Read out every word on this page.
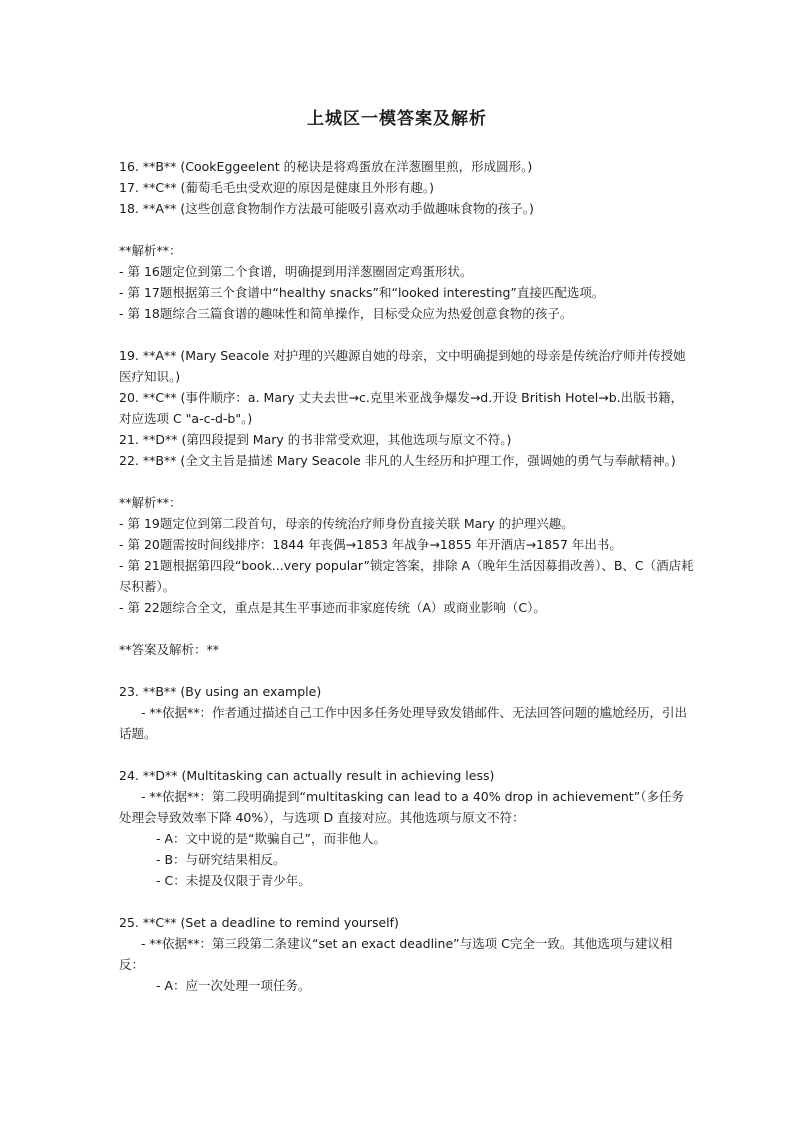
上城区一模答案及解析

16. **B** (CookEggeelent 的秘诀是将鸡蛋放在洋葱圈里煎，形成圆形。)

17. **C** (葡萄毛毛虫受欢迎的原因是健康且外形有趣。)

18. **A** (这些创意食物制作方法最可能吸引喜欢动手做趣味食物的孩子。)

**解析**：

- 第 16题定位到第二个食谱，明确提到用洋葱圈固定鸡蛋形状。

- 第 17题根据第三个食谱中“healthy snacks”和“looked interesting”直接匹配选项。

- 第 18题综合三篇食谱的趣味性和简单操作，目标受众应为热爱创意食物的孩子。

19. **A** (Mary Seacole 对护理的兴趣源自她的母亲，文中明确提到她的母亲是传统治疗师并传授她医疗知识。)

20. **C** (事件顺序：a. Mary 丈夫去世→c.克里米亚战争爆发→d.开设 British Hotel→b.出版书籍，对应选项 C "a-c-d-b"。)

21. **D** (第四段提到 Mary 的书非常受欢迎，其他选项与原文不符。)

22. **B** (全文主旨是描述 Mary Seacole 非凡的人生经历和护理工作，强调她的勇气与奉献精神。)

**解析**：

- 第 19题定位到第二段首句，母亲的传统治疗师身份直接关联 Mary 的护理兴趣。

- 第 20题需按时间线排序：1844 年丧偶→1853 年战争→1855 年开酒店→1857 年出书。

- 第 21题根据第四段“book...very popular”锁定答案，排除 A（晚年生活因募捐改善）、B、C（酒店耗尽积蓄）。

- 第 22题综合全文，重点是其生平事迹而非家庭传统（A）或商业影响（C）。

**答案及解析：**

23. **B** (By using an example)

- **依据**：作者通过描述自己工作中因多任务处理导致发错邮件、无法回答问题的尴尬经历，引出话题。

24. **D** (Multitasking can actually result in achieving less)

- **依据**：第二段明确提到“multitasking can lead to a 40% drop in achievement”（多任务处理会导致效率下降 40%），与选项 D 直接对应。其他选项与原文不符：

- A：文中说的是“欺骗自己”，而非他人。

- B：与研究结果相反。

- C：未提及仅限于青少年。

25. **C** (Set a deadline to remind yourself)

- **依据**：第三段第二条建议“set an exact deadline”与选项 C完全一致。其他选项与建议相反：

- A：应一次处理一项任务。
